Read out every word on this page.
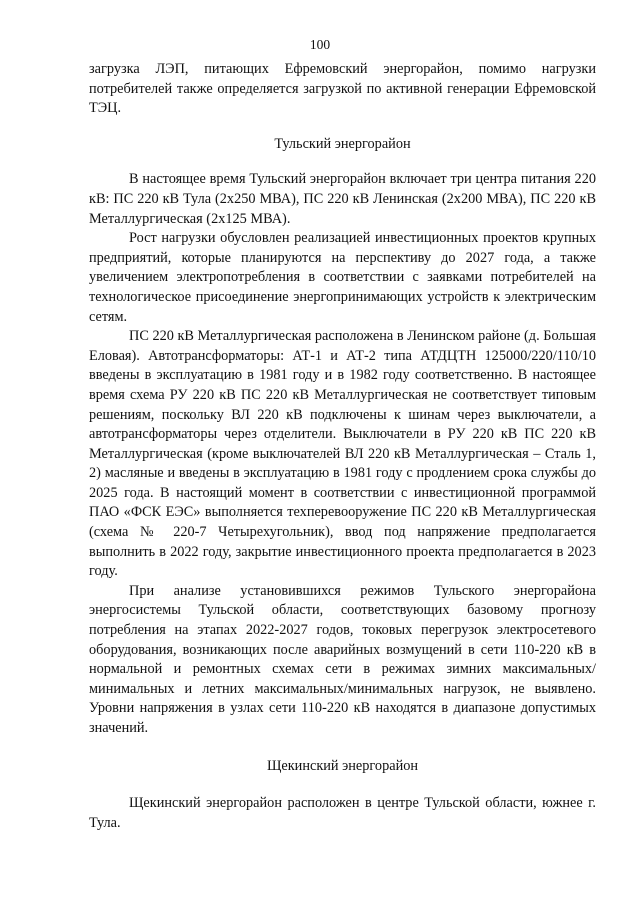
100

загрузка ЛЭП, питающих Ефремовский энергорайон, помимо нагрузки потребителей также определяется загрузкой по активной генерации Ефремовской ТЭЦ.

Тульский энергорайон

В настоящее время Тульский энергорайон включает три центра питания 220 кВ: ПС 220 кВ Тула (2х250 МВА), ПС 220 кВ Ленинская (2х200 МВА), ПС 220 кВ Металлургическая (2х125 МВА).

Рост нагрузки обусловлен реализацией инвестиционных проектов крупных предприятий, которые планируются на перспективу до 2027 года, а также увеличением электропотребления в соответствии с заявками потребителей на технологическое присоединение энергопринимающих устройств к электрическим сетям.

ПС 220 кВ Металлургическая расположена в Ленинском районе (д. Большая Еловая). Автотрансформаторы: АТ-1 и АТ-2 типа АТДЦТН 125000/220/110/10 введены в эксплуатацию в 1981 году и в 1982 году соответственно. В настоящее время схема РУ 220 кВ ПС 220 кВ Металлургическая не соответствует типовым решениям, поскольку ВЛ 220 кВ подключены к шинам через выключатели, а автотрансформаторы через отделители. Выключатели в РУ 220 кВ ПС 220 кВ Металлургическая (кроме выключателей ВЛ 220 кВ Металлургическая – Сталь 1, 2) масляные и введены в эксплуатацию в 1981 году с продлением срока службы до 2025 года. В настоящий момент в соответствии с инвестиционной программой ПАО «ФСК ЕЭС» выполняется техперевооружение ПС 220 кВ Металлургическая (схема № 220-7 Четырехугольник), ввод под напряжение предполагается выполнить в 2022 году, закрытие инвестиционного проекта предполагается в 2023 году.

При анализе установившихся режимов Тульского энергорайона энергосистемы Тульской области, соответствующих базовому прогнозу потребления на этапах 2022-2027 годов, токовых перегрузок электросетевого оборудования, возникающих после аварийных возмущений в сети 110-220 кВ в нормальной и ремонтных схемах сети в режимах зимних максимальных/минимальных и летних максимальных/минимальных нагрузок, не выявлено. Уровни напряжения в узлах сети 110-220 кВ находятся в диапазоне допустимых значений.

Щекинский энергорайон

Щекинский энергорайон расположен в центре Тульской области, южнее г. Тула.
